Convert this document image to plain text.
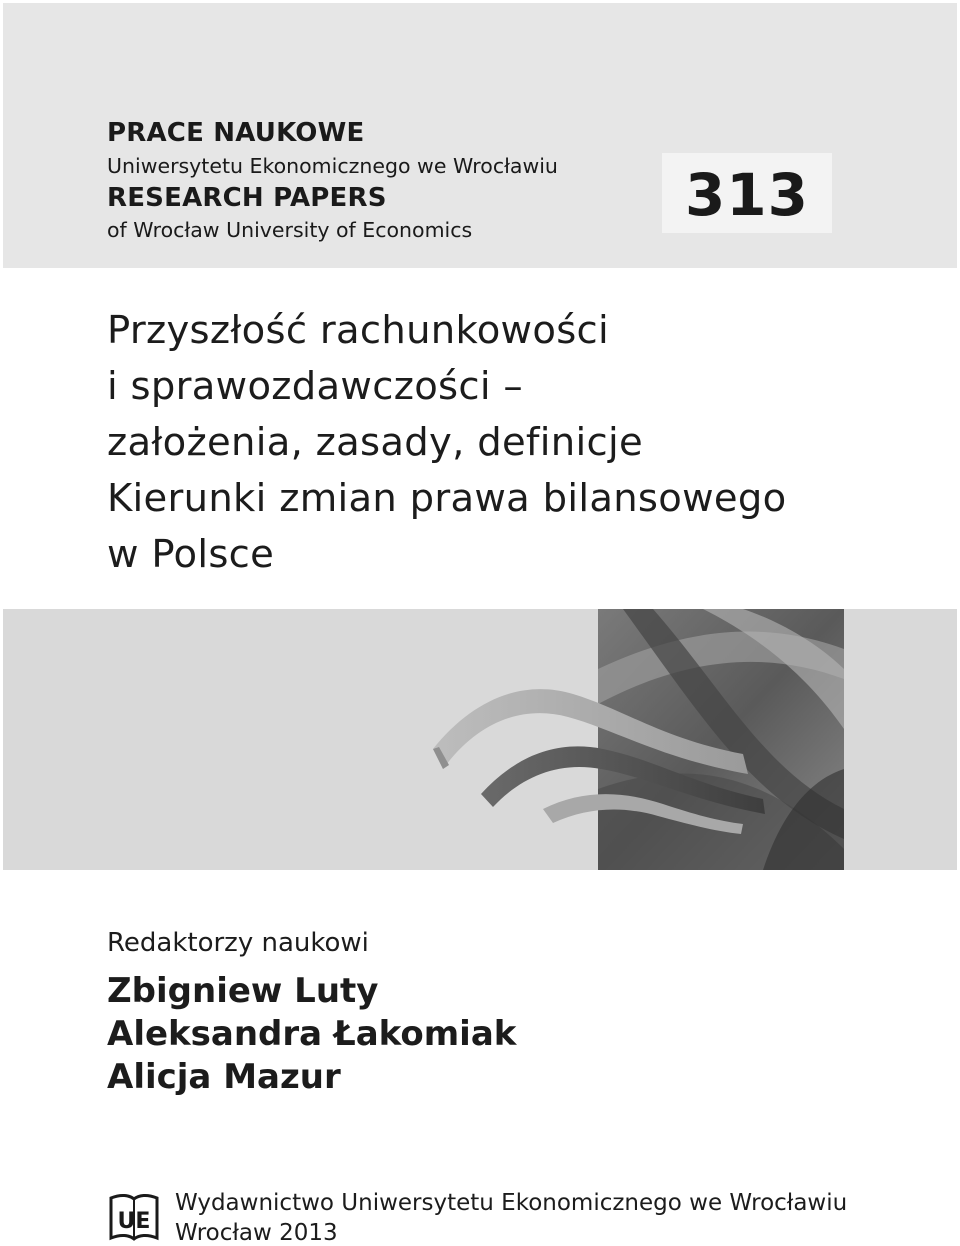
PRACE NAUKOWE
Uniwersytetu Ekonomicznego we Wrocławiu
RESEARCH PAPERS
of Wrocław University of Economics
313
Przyszłość rachunkowości
i sprawozdawczości –
założenia, zasady, definicje
Kierunki zmian prawa bilansowego
w Polsce
Redaktorzy naukowi
Zbigniew Luty
Aleksandra Łakomiak
Alicja Mazur
UE
Wydawnictwo Uniwersytetu Ekonomicznego we Wrocławiu
Wrocław 2013
